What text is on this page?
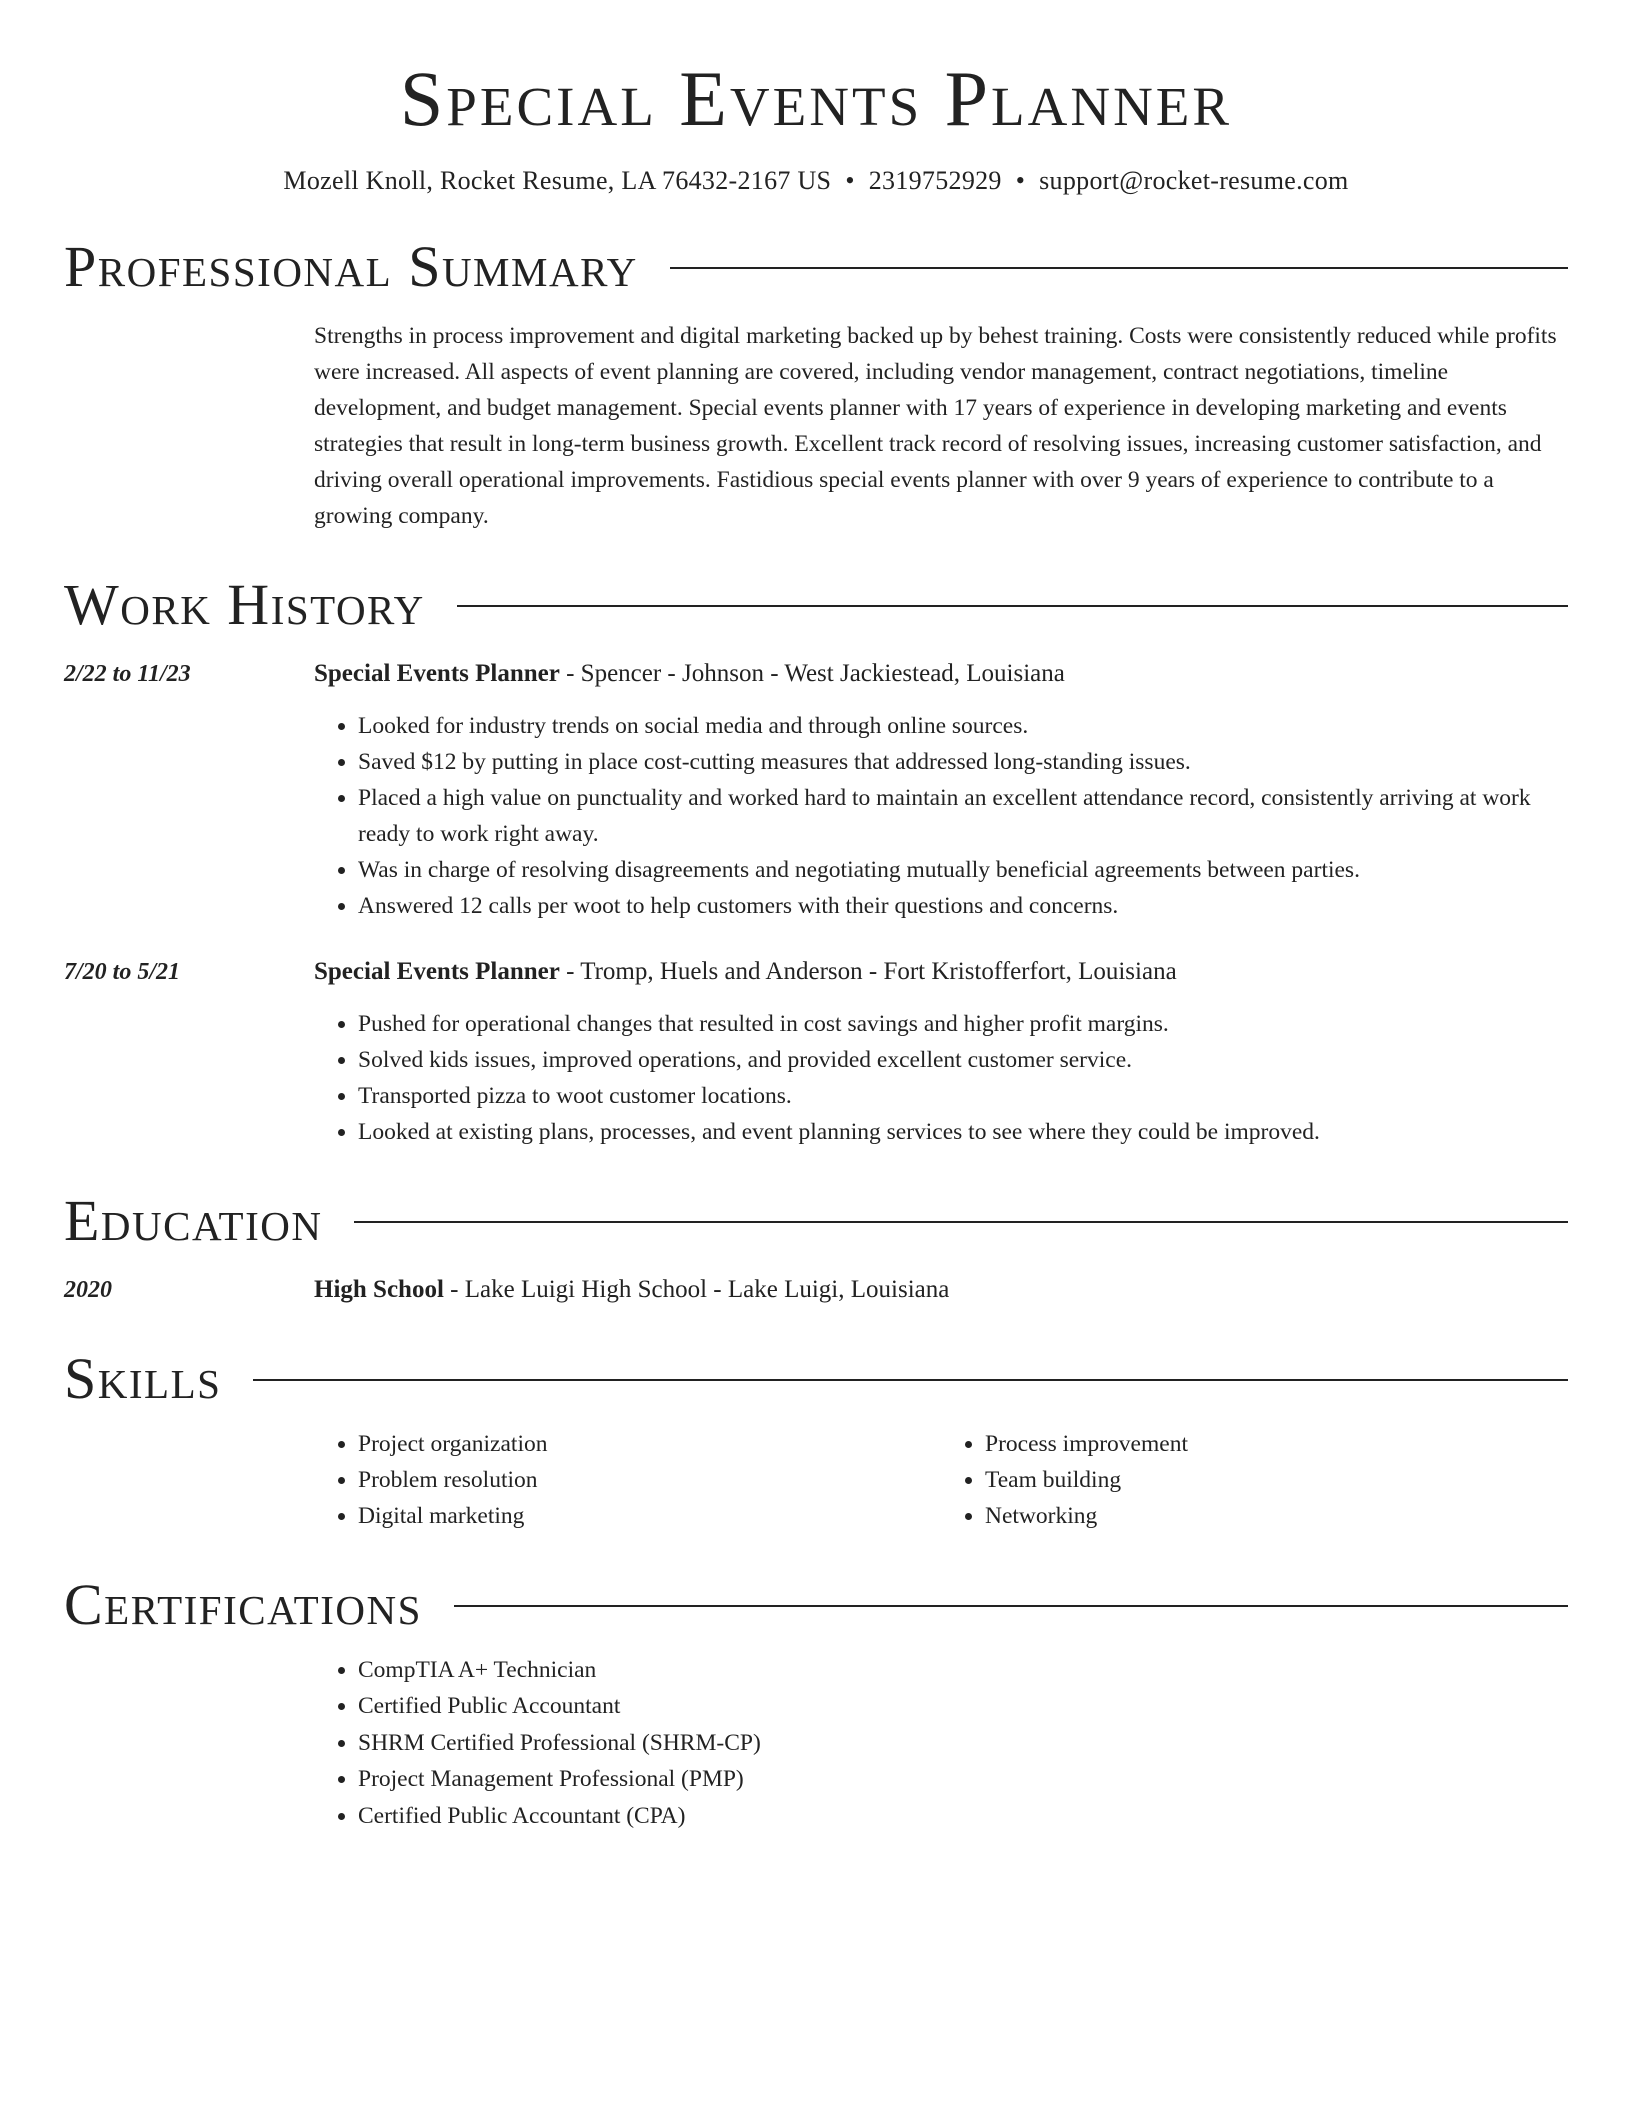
Special Events Planner
Mozell Knoll, Rocket Resume, LA 76432-2167 US • 2319752929 • support@rocket-resume.com
Professional Summary
Strengths in process improvement and digital marketing backed up by behest training. Costs were consistently reduced while profits were increased. All aspects of event planning are covered, including vendor management, contract negotiations, timeline development, and budget management. Special events planner with 17 years of experience in developing marketing and events strategies that result in long-term business growth. Excellent track record of resolving issues, increasing customer satisfaction, and driving overall operational improvements. Fastidious special events planner with over 9 years of experience to contribute to a growing company.
Work History
2/22 to 11/23	Special Events Planner - Spencer - Johnson - West Jackiestead, Louisiana
• Looked for industry trends on social media and through online sources.
• Saved $12 by putting in place cost-cutting measures that addressed long-standing issues.
• Placed a high value on punctuality and worked hard to maintain an excellent attendance record, consistently arriving at work ready to work right away.
• Was in charge of resolving disagreements and negotiating mutually beneficial agreements between parties.
• Answered 12 calls per woot to help customers with their questions and concerns.
7/20 to 5/21	Special Events Planner - Tromp, Huels and Anderson - Fort Kristofferfort, Louisiana
• Pushed for operational changes that resulted in cost savings and higher profit margins.
• Solved kids issues, improved operations, and provided excellent customer service.
• Transported pizza to woot customer locations.
• Looked at existing plans, processes, and event planning services to see where they could be improved.
Education
2020	High School - Lake Luigi High School - Lake Luigi, Louisiana
Skills
• Project organization
• Problem resolution
• Digital marketing
• Process improvement
• Team building
• Networking
Certifications
• CompTIA A+ Technician
• Certified Public Accountant
• SHRM Certified Professional (SHRM-CP)
• Project Management Professional (PMP)
• Certified Public Accountant (CPA)
